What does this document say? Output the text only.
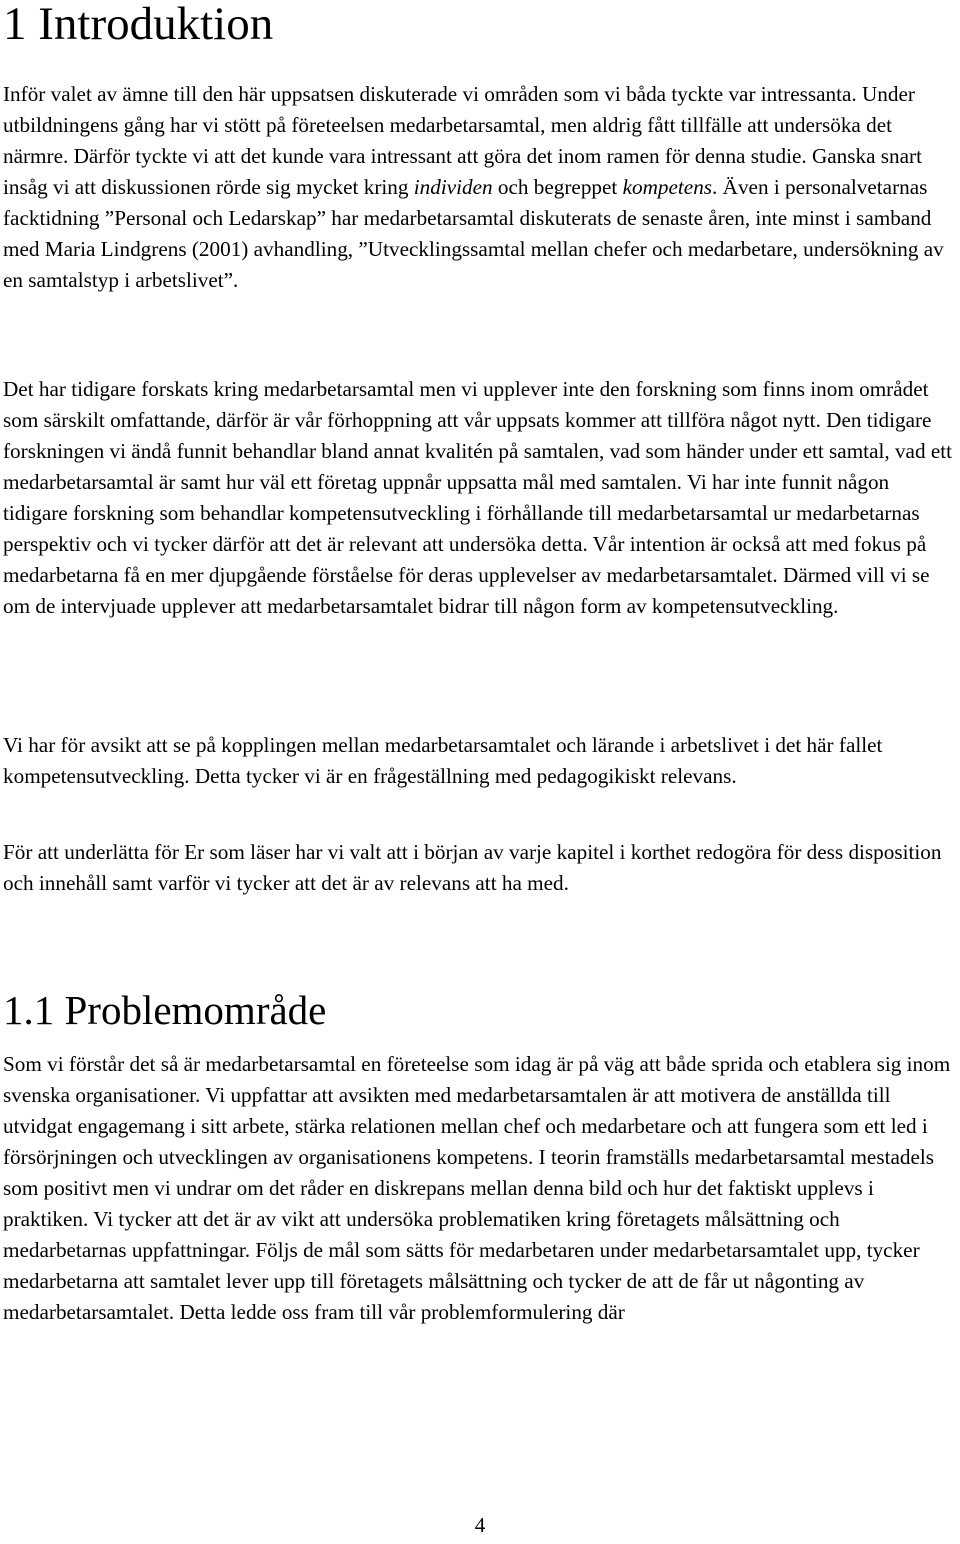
1 Introduktion

Inför valet av ämne till den här uppsatsen diskuterade vi områden som vi båda tyckte var intressanta. Under utbildningens gång har vi stött på företeelsen medarbetarsamtal, men aldrig fått tillfälle att undersöka det närmre. Därför tyckte vi att det kunde vara intressant att göra det inom ramen för denna studie. Ganska snart insåg vi att diskussionen rörde sig mycket kring individen och begreppet kompetens. Även i personalvetarnas facktidning ”Personal och Ledarskap” har medarbetarsamtal diskuterats de senaste åren, inte minst i samband med Maria Lindgrens (2001) avhandling, ”Utvecklingssamtal mellan chefer och medarbetare, undersökning av en samtalstyp i arbetslivet”.

Det har tidigare forskats kring medarbetarsamtal men vi upplever inte den forskning som finns inom området som särskilt omfattande, därför är vår förhoppning att vår uppsats kommer att tillföra något nytt. Den tidigare forskningen vi ändå funnit behandlar bland annat kvalitén på samtalen, vad som händer under ett samtal, vad ett medarbetarsamtal är samt hur väl ett företag uppnår uppsatta mål med samtalen. Vi har inte funnit någon tidigare forskning som behandlar kompetensutveckling i förhållande till medarbetarsamtal ur medarbetarnas perspektiv och vi tycker därför att det är relevant att undersöka detta. Vår intention är också att med fokus på medarbetarna få en mer djupgående förståelse för deras upplevelser av medarbetarsamtalet. Därmed vill vi se om de intervjuade upplever att medarbetarsamtalet bidrar till någon form av kompetensutveckling.

Vi har för avsikt att se på kopplingen mellan medarbetarsamtalet och lärande i arbetslivet i det här fallet kompetensutveckling. Detta tycker vi är en frågeställning med pedagogikiskt relevans.

För att underlätta för Er som läser har vi valt att i början av varje kapitel i korthet redogöra för dess disposition och innehåll samt varför vi tycker att det är av relevans att ha med.

1.1 Problemområde

Som vi förstår det så är medarbetarsamtal en företeelse som idag är på väg att både sprida och etablera sig inom svenska organisationer. Vi uppfattar att avsikten med medarbetarsamtalen är att motivera de anställda till utvidgat engagemang i sitt arbete, stärka relationen mellan chef och medarbetare och att fungera som ett led i försörjningen och utvecklingen av organisationens kompetens. I teorin framställs medarbetarsamtal mestadels som positivt men vi undrar om det råder en diskrepans mellan denna bild och hur det faktiskt upplevs i praktiken. Vi tycker att det är av vikt att undersöka problematiken kring företagets målsättning och medarbetarnas uppfattningar. Följs de mål som sätts för medarbetaren under medarbetarsamtalet upp, tycker medarbetarna att samtalet lever upp till företagets målsättning och tycker de att de får ut någonting av medarbetarsamtalet. Detta ledde oss fram till vår problemformulering där

4
